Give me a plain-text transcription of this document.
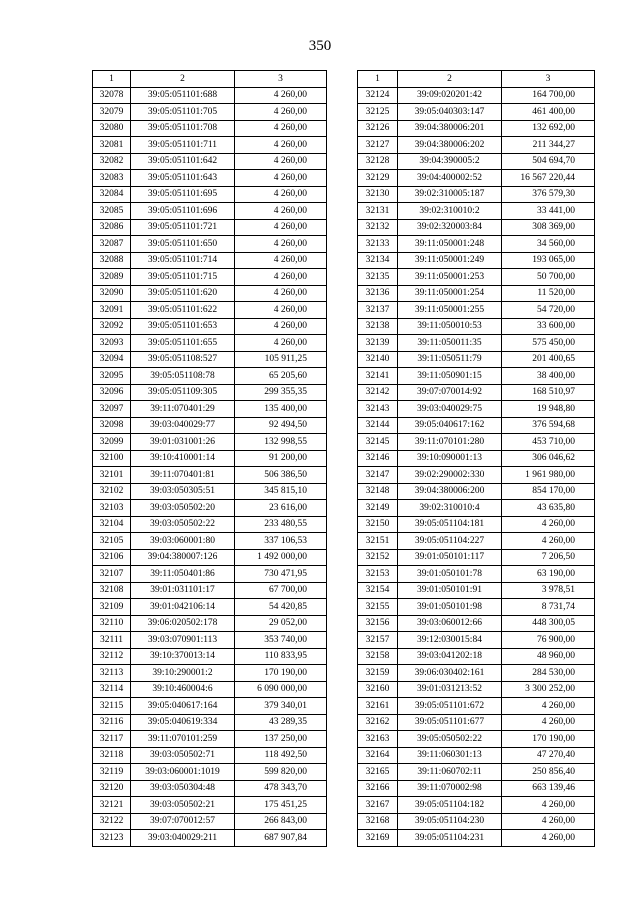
350
1	2	3
32078	39:05:051101:688	4 260,00
32079	39:05:051101:705	4 260,00
32080	39:05:051101:708	4 260,00
32081	39:05:051101:711	4 260,00
32082	39:05:051101:642	4 260,00
32083	39:05:051101:643	4 260,00
32084	39:05:051101:695	4 260,00
32085	39:05:051101:696	4 260,00
32086	39:05:051101:721	4 260,00
32087	39:05:051101:650	4 260,00
32088	39:05:051101:714	4 260,00
32089	39:05:051101:715	4 260,00
32090	39:05:051101:620	4 260,00
32091	39:05:051101:622	4 260,00
32092	39:05:051101:653	4 260,00
32093	39:05:051101:655	4 260,00
32094	39:05:051108:527	105 911,25
32095	39:05:051108:78	65 205,60
32096	39:05:051109:305	299 355,35
32097	39:11:070401:29	135 400,00
32098	39:03:040029:77	92 494,50
32099	39:01:031001:26	132 998,55
32100	39:10:410001:14	91 200,00
32101	39:11:070401:81	506 386,50
32102	39:03:050305:51	345 815,10
32103	39:03:050502:20	23 616,00
32104	39:03:050502:22	233 480,55
32105	39:03:060001:80	337 106,53
32106	39:04:380007:126	1 492 000,00
32107	39:11:050401:86	730 471,95
32108	39:01:031101:17	67 700,00
32109	39:01:042106:14	54 420,85
32110	39:06:020502:178	29 052,00
32111	39:03:070901:113	353 740,00
32112	39:10:370013:14	110 833,95
32113	39:10:290001:2	170 190,00
32114	39:10:460004:6	6 090 000,00
32115	39:05:040617:164	379 340,01
32116	39:05:040619:334	43 289,35
32117	39:11:070101:259	137 250,00
32118	39:03:050502:71	118 492,50
32119	39:03:060001:1019	599 820,00
32120	39:03:050304:48	478 343,70
32121	39:03:050502:21	175 451,25
32122	39:07:070012:57	266 843,00
32123	39:03:040029:211	687 907,84
1	2	3
32124	39:09:020201:42	164 700,00
32125	39:05:040303:147	461 400,00
32126	39:04:380006:201	132 692,00
32127	39:04:380006:202	211 344,27
32128	39:04:390005:2	504 694,70
32129	39:04:400002:52	16 567 220,44
32130	39:02:310005:187	376 579,30
32131	39:02:310010:2	33 441,00
32132	39:02:320003:84	308 369,00
32133	39:11:050001:248	34 560,00
32134	39:11:050001:249	193 065,00
32135	39:11:050001:253	50 700,00
32136	39:11:050001:254	11 520,00
32137	39:11:050001:255	54 720,00
32138	39:11:050010:53	33 600,00
32139	39:11:050011:35	575 450,00
32140	39:11:050511:79	201 400,65
32141	39:11:050901:15	38 400,00
32142	39:07:070014:92	168 510,97
32143	39:03:040029:75	19 948,80
32144	39:05:040617:162	376 594,68
32145	39:11:070101:280	453 710,00
32146	39:10:090001:13	306 046,62
32147	39:02:290002:330	1 961 980,00
32148	39:04:380006:200	854 170,00
32149	39:02:310010:4	43 635,80
32150	39:05:051104:181	4 260,00
32151	39:05:051104:227	4 260,00
32152	39:01:050101:117	7 206,50
32153	39:01:050101:78	63 190,00
32154	39:01:050101:91	3 978,51
32155	39:01:050101:98	8 731,74
32156	39:03:060012:66	448 300,05
32157	39:12:030015:84	76 900,00
32158	39:03:041202:18	48 960,00
32159	39:06:030402:161	284 530,00
32160	39:01:031213:52	3 300 252,00
32161	39:05:051101:672	4 260,00
32162	39:05:051101:677	4 260,00
32163	39:05:050502:22	170 190,00
32164	39:11:060301:13	47 270,40
32165	39:11:060702:11	250 856,40
32166	39:11:070002:98	663 139,46
32167	39:05:051104:182	4 260,00
32168	39:05:051104:230	4 260,00
32169	39:05:051104:231	4 260,00
